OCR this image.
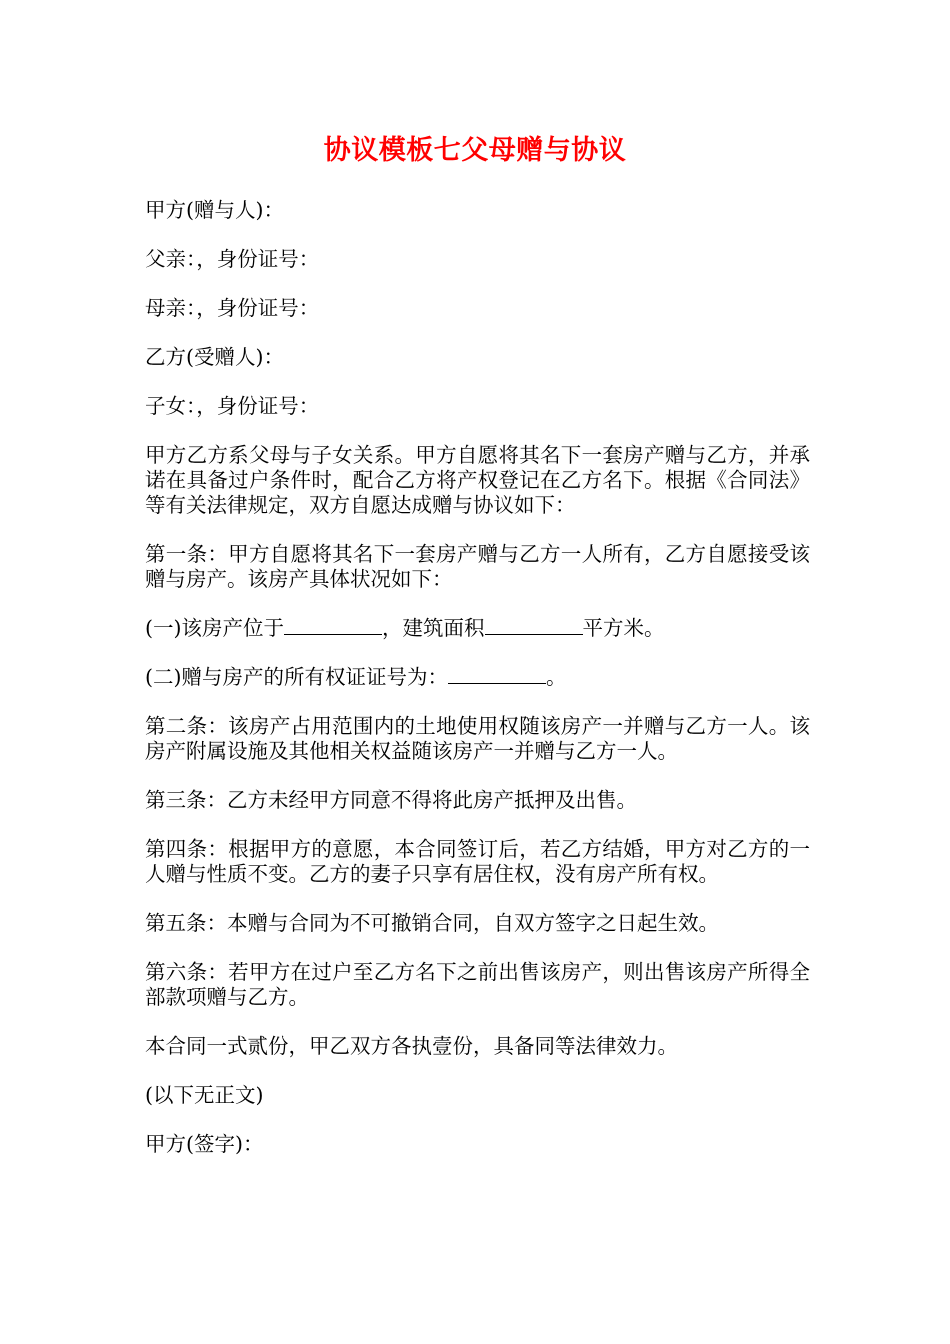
协议模板七父母赠与协议

甲方(赠与人)：

父亲：，身份证号：

母亲：，身份证号：

乙方(受赠人)：

子女：，身份证号：

甲方乙方系父母与子女关系。甲方自愿将其名下一套房产赠与乙方，并承诺在具备过户条件时，配合乙方将产权登记在乙方名下。根据《合同法》等有关法律规定，双方自愿达成赠与协议如下：

第一条：甲方自愿将其名下一套房产赠与乙方一人所有，乙方自愿接受该赠与房产。该房产具体状况如下：

(一)该房产位于	，建筑面积	平方米。

(二)赠与房产的所有权证证号为：	。

第二条：该房产占用范围内的土地使用权随该房产一并赠与乙方一人。该房产附属设施及其他相关权益随该房产一并赠与乙方一人。

第三条：乙方未经甲方同意不得将此房产抵押及出售。

第四条：根据甲方的意愿，本合同签订后，若乙方结婚，甲方对乙方的一人赠与性质不变。乙方的妻子只享有居住权，没有房产所有权。

第五条：本赠与合同为不可撤销合同，自双方签字之日起生效。

第六条：若甲方在过户至乙方名下之前出售该房产，则出售该房产所得全部款项赠与乙方。

本合同一式贰份，甲乙双方各执壹份，具备同等法律效力。

(以下无正文)

甲方(签字)：
